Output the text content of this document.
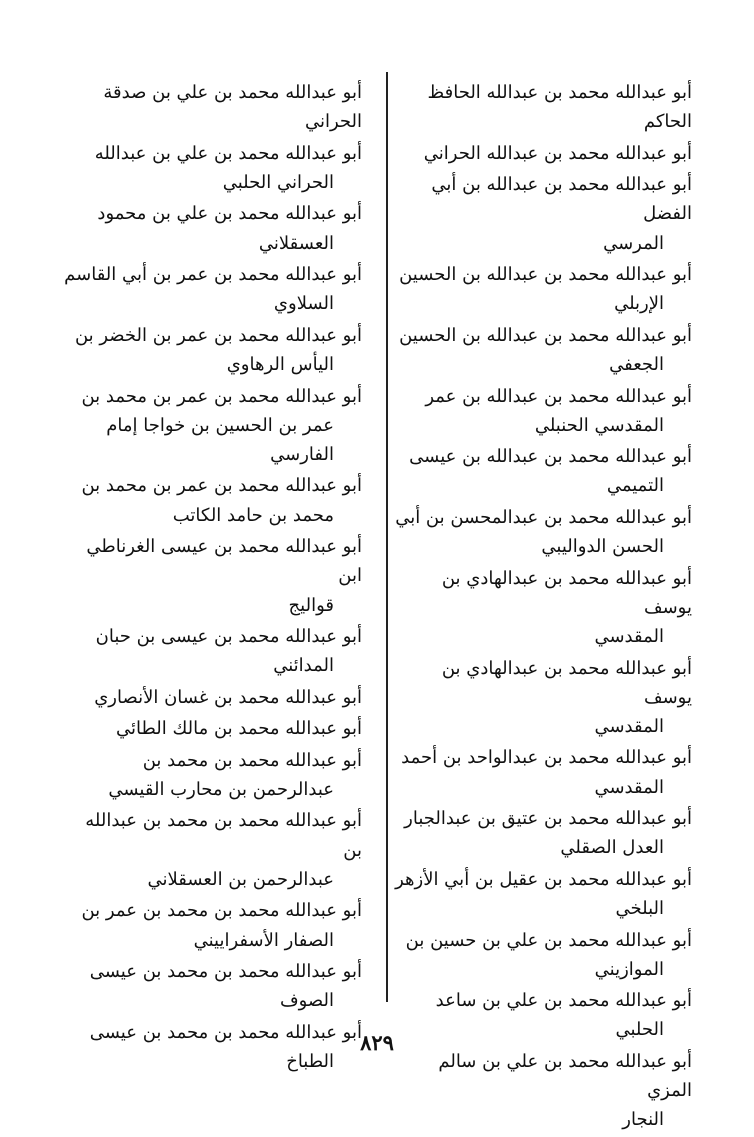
أبو عبدالله محمد بن عبدالله الحافظ الحاكم
أبو عبدالله محمد بن عبدالله الحراني
أبو عبدالله محمد بن عبدالله بن أبي الفضل
المرسي
أبو عبدالله محمد بن عبدالله بن الحسين
الإربلي
أبو عبدالله محمد بن عبدالله بن الحسين
الجعفي
أبو عبدالله محمد بن عبدالله بن عمر
المقدسي الحنبلي
أبو عبدالله محمد بن عبدالله بن عيسى
التميمي
أبو عبدالله محمد بن عبدالمحسن بن أبي
الحسن الدواليبي
أبو عبدالله محمد بن عبدالهادي بن يوسف
المقدسي
أبو عبدالله محمد بن عبدالهادي بن يوسف
المقدسي
أبو عبدالله محمد بن عبدالواحد بن أحمد
المقدسي
أبو عبدالله محمد بن عتيق بن عبدالجبار
العدل الصقلي
أبو عبدالله محمد بن عقيل بن أبي الأزهر
البلخي
أبو عبدالله محمد بن علي بن حسين بن
الموازيني
أبو عبدالله محمد بن علي بن ساعد
الحلبي
أبو عبدالله محمد بن علي بن سالم المزي
النجار
أبو عبدالله محمد بن علي بن صدقة الحراني
أبو عبدالله محمد بن علي بن عبدالله
الحراني الحلبي
أبو عبدالله محمد بن علي بن محمود
العسقلاني
أبو عبدالله محمد بن عمر بن أبي القاسم
السلاوي
أبو عبدالله محمد بن عمر بن الخضر بن
اليأس الرهاوي
أبو عبدالله محمد بن عمر بن محمد بن
عمر بن الحسين بن خواجا إمام
الفارسي
أبو عبدالله محمد بن عمر بن محمد بن
محمد بن حامد الكاتب
أبو عبدالله محمد بن عيسى الغرناطي ابن
قواليج
أبو عبدالله محمد بن عيسى بن حبان
المدائني
أبو عبدالله محمد بن غسان الأنصاري
أبو عبدالله محمد بن مالك الطائي
أبو عبدالله محمد بن محمد بن
عبدالرحمن بن محارب القيسي
أبو عبدالله محمد بن محمد بن عبدالله بن
عبدالرحمن بن العسقلاني
أبو عبدالله محمد بن محمد بن عمر بن
الصفار الأسفراييني
أبو عبدالله محمد بن محمد بن عيسى
الصوف
أبو عبدالله محمد بن محمد بن عيسى
الطباخ
٨٢٩
